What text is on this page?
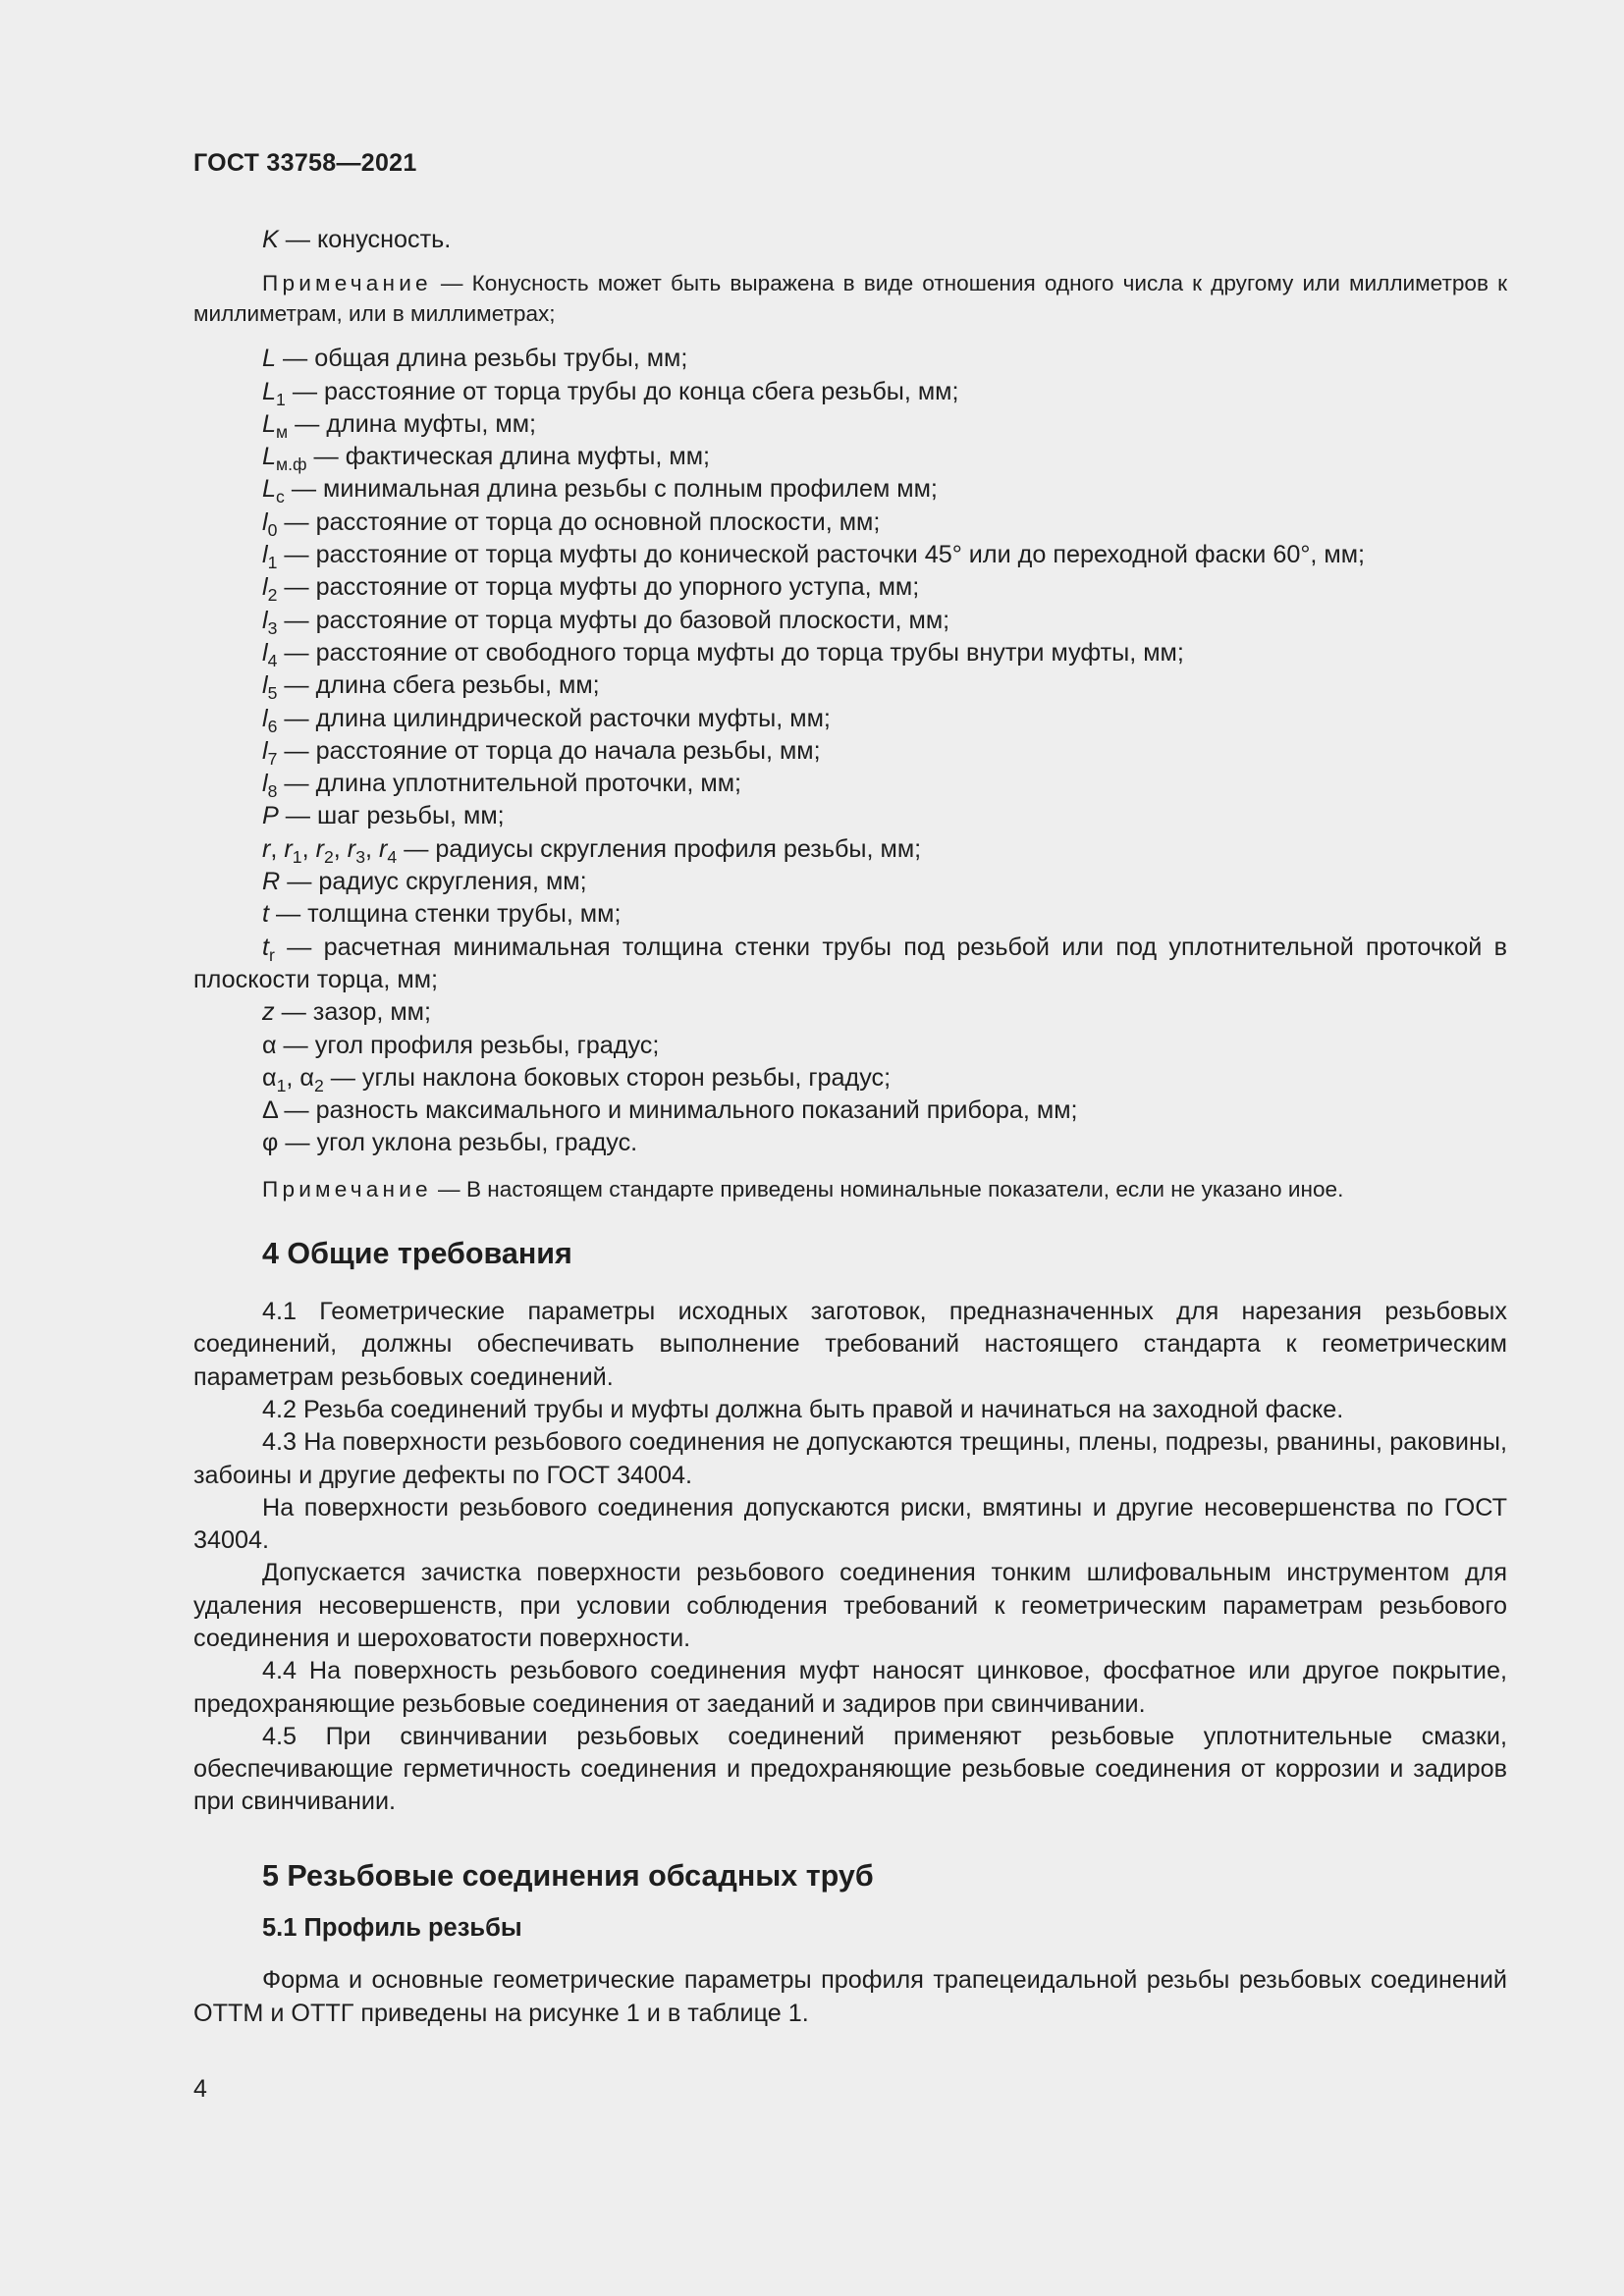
ГОСТ 33758—2021

K — конусность.

Примечание — Конусность может быть выражена в виде отношения одного числа к другому или миллиметров к миллиметрам, или в миллиметрах;

L — общая длина резьбы трубы, мм;

$L_1$ — расстояние от торца трубы до конца сбега резьбы, мм;

$L_м$ — длина муфты, мм;

$L_{м.ф}$ — фактическая длина муфты, мм;

$L_c$ — минимальная длина резьбы с полным профилем мм;

$l_0$ — расстояние от торца до основной плоскости, мм;

$l_1$ — расстояние от торца муфты до конической расточки 45° или до переходной фаски 60°, мм;

$l_2$ — расстояние от торца муфты до упорного уступа, мм;

$l_3$ — расстояние от торца муфты до базовой плоскости, мм;

$l_4$ — расстояние от свободного торца муфты до торца трубы внутри муфты, мм;

$l_5$ — длина сбега резьбы, мм;

$l_6$ — длина цилиндрической расточки муфты, мм;

$l_7$ — расстояние от торца до начала резьбы, мм;

$l_8$ — длина уплотнительной проточки, мм;

P — шаг резьбы, мм;

r, $r_1$, $r_2$, $r_3$, $r_4$ — радиусы скругления профиля резьбы, мм;

R — радиус скругления, мм;

t — толщина стенки трубы, мм;

$t_r$ — расчетная минимальная толщина стенки трубы под резьбой или под уплотнительной проточкой в плоскости торца, мм;

z — зазор, мм;

α — угол профиля резьбы, градус;

$\alpha_1$, $\alpha_2$ — углы наклона боковых сторон резьбы, градус;

Δ — разность максимального и минимального показаний прибора, мм;

φ — угол уклона резьбы, градус.

Примечание — В настоящем стандарте приведены номинальные показатели, если не указано иное.

4 Общие требования

4.1 Геометрические параметры исходных заготовок, предназначенных для нарезания резьбовых соединений, должны обеспечивать выполнение требований настоящего стандарта к геометрическим параметрам резьбовых соединений.

4.2 Резьба соединений трубы и муфты должна быть правой и начинаться на заходной фаске.

4.3 На поверхности резьбового соединения не допускаются трещины, плены, подрезы, рванины, раковины, забоины и другие дефекты по ГОСТ 34004.

На поверхности резьбового соединения допускаются риски, вмятины и другие несовершенства по ГОСТ 34004.

Допускается зачистка поверхности резьбового соединения тонким шлифовальным инструментом для удаления несовершенств, при условии соблюдения требований к геометрическим параметрам резьбового соединения и шероховатости поверхности.

4.4 На поверхность резьбового соединения муфт наносят цинковое, фосфатное или другое покрытие, предохраняющие резьбовые соединения от заеданий и задиров при свинчивании.

4.5 При свинчивании резьбовых соединений применяют резьбовые уплотнительные смазки, обеспечивающие герметичность соединения и предохраняющие резьбовые соединения от коррозии и задиров при свинчивании.

5 Резьбовые соединения обсадных труб
5.1 Профиль резьбы

Форма и основные геометрические параметры профиля трапецеидальной резьбы резьбовых соединений ОТТМ и ОТТГ приведены на рисунке 1 и в таблице 1.

4
